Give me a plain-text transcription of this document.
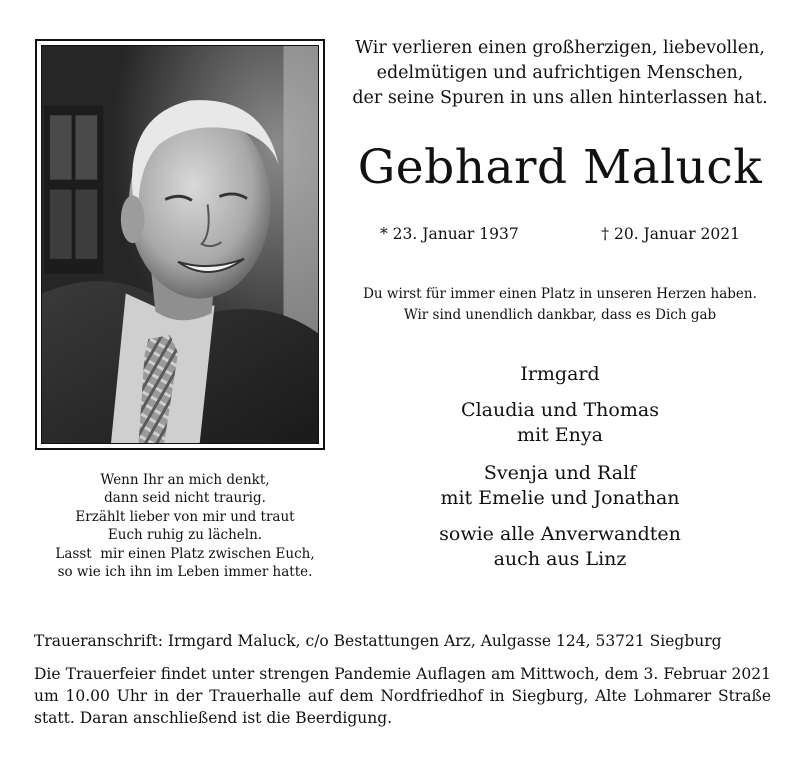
Wenn Ihr an mich denkt,
dann seid nicht traurig.
Erzählt lieber von mir und traut
Euch ruhig zu lächeln.
Lasst  mir einen Platz zwischen Euch,
so wie ich ihn im Leben immer hatte.
Wir verlieren einen großherzigen, liebevollen,
edelmütigen und aufrichtigen Menschen,
der seine Spuren in uns allen hinterlassen hat.
Gebhard Maluck
* 23. Januar 1937	† 20. Januar 2021
Du wirst für immer einen Platz in unseren Herzen haben.
Wir sind unendlich dankbar, dass es Dich gab
Irmgard
Claudia und Thomas
mit Enya
Svenja und Ralf
mit Emelie und Jonathan
sowie alle Anverwandten
auch aus Linz
Traueranschrift: Irmgard Maluck, c/o Bestattungen Arz, Aulgasse 124, 53721 Siegburg
Die Trauerfeier findet unter strengen Pandemie Auflagen am Mittwoch, dem 3. Februar 2021 um 10.00 Uhr in der Trauerhalle auf dem Nordfriedhof in Siegburg, Alte Lohmarer Straße statt. Daran anschließend ist die Beerdigung.
